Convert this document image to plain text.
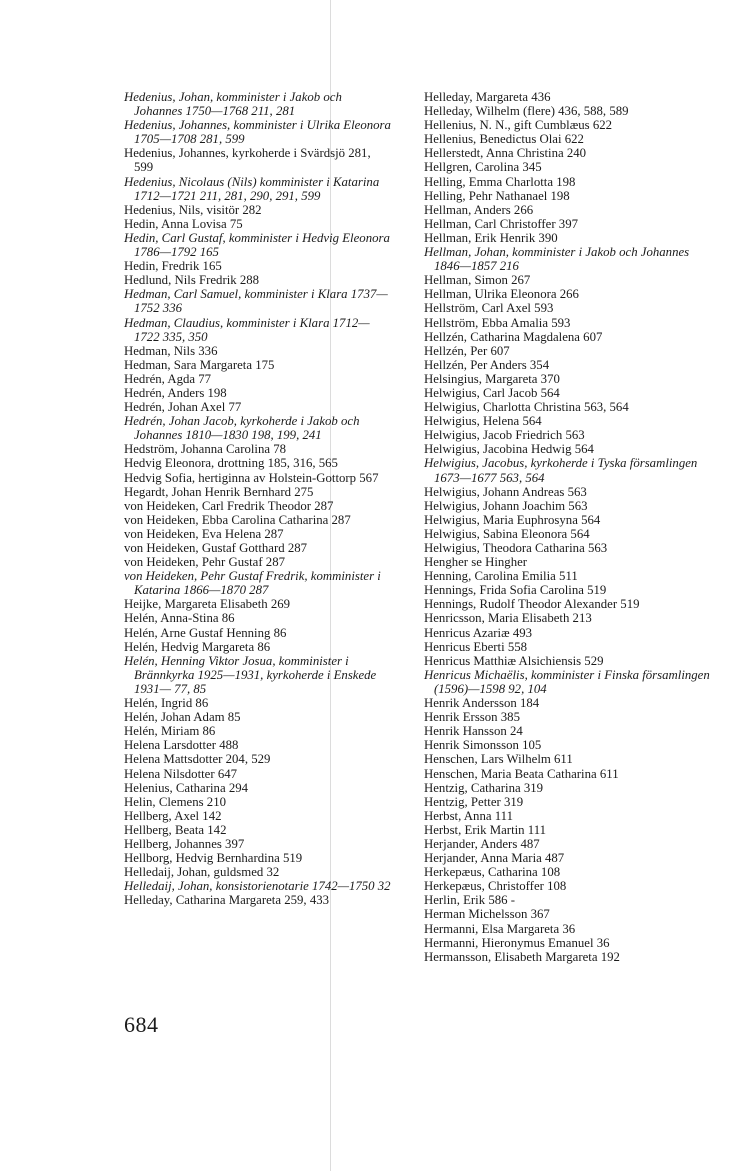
Hedenius, Johan, komminister i Jakob och Johannes 1750—1768 211, 281

Hedenius, Johannes, komminister i Ulrika Eleonora 1705—1708 281, 599

Hedenius, Johannes, kyrkoherde i Svärdsjö 281, 599

Hedenius, Nicolaus (Nils) komminister i Katarina 1712—1721 211, 281, 290, 291, 599

Hedenius, Nils, visitör 282

Hedin, Anna Lovisa 75

Hedin, Carl Gustaf, komminister i Hedvig Eleonora 1786—1792 165

Hedin, Fredrik 165

Hedlund, Nils Fredrik 288

Hedman, Carl Samuel, komminister i Klara 1737—1752 336

Hedman, Claudius, komminister i Klara 1712—1722 335, 350

Hedman, Nils 336

Hedman, Sara Margareta 175

Hedrén, Agda 77

Hedrén, Anders 198

Hedrén, Johan Axel 77

Hedrén, Johan Jacob, kyrkoherde i Jakob och Johannes 1810—1830 198, 199, 241

Hedström, Johanna Carolina 78

Hedvig Eleonora, drottning 185, 316, 565

Hedvig Sofia, hertiginna av Holstein-Gottorp 567

Hegardt, Johan Henrik Bernhard 275

von Heideken, Carl Fredrik Theodor 287

von Heideken, Ebba Carolina Catharina 287

von Heideken, Eva Helena 287

von Heideken, Gustaf Gotthard 287

von Heideken, Pehr Gustaf 287

von Heideken, Pehr Gustaf Fredrik, komminister i Katarina 1866—1870 287

Heijke, Margareta Elisabeth 269

Helén, Anna-Stina 86

Helén, Arne Gustaf Henning 86

Helén, Hedvig Margareta 86

Helén, Henning Viktor Josua, komminister i Brännkyrka 1925—1931, kyrkoherde i Enskede 1931— 77, 85

Helén, Ingrid 86

Helén, Johan Adam 85

Helén, Miriam 86

Helena Larsdotter 488

Helena Mattsdotter 204, 529

Helena Nilsdotter 647

Helenius, Catharina 294

Helin, Clemens 210

Hellberg, Axel 142

Hellberg, Beata 142

Hellberg, Johannes 397

Hellborg, Hedvig Bernhardina 519

Helledaij, Johan, guldsmed 32

Helledaij, Johan, konsistorienotarie 1742—1750 32

Helleday, Catharina Margareta 259, 433

Helleday, Margareta 436

Helleday, Wilhelm (flere) 436, 588, 589

Hellenius, N. N., gift Cumblæus 622

Hellenius, Benedictus Olai 622

Hellerstedt, Anna Christina 240

Hellgren, Carolina 345

Helling, Emma Charlotta 198

Helling, Pehr Nathanael 198

Hellman, Anders 266

Hellman, Carl Christoffer 397

Hellman, Erik Henrik 390

Hellman, Johan, komminister i Jakob och Johannes 1846—1857 216

Hellman, Simon 267

Hellman, Ulrika Eleonora 266

Hellström, Carl Axel 593

Hellström, Ebba Amalia 593

Hellzén, Catharina Magdalena 607

Hellzén, Per 607

Hellzén, Per Anders 354

Helsingius, Margareta 370

Helwigius, Carl Jacob 564

Helwigius, Charlotta Christina 563, 564

Helwigius, Helena 564

Helwigius, Jacob Friedrich 563

Helwigius, Jacobina Hedwig 564

Helwigius, Jacobus, kyrkoherde i Tyska församlingen 1673—1677 563, 564

Helwigius, Johann Andreas 563

Helwigius, Johann Joachim 563

Helwigius, Maria Euphrosyna 564

Helwigius, Sabina Eleonora 564

Helwigius, Theodora Catharina 563

Hengher se Hingher

Henning, Carolina Emilia 511

Hennings, Frida Sofia Carolina 519

Hennings, Rudolf Theodor Alexander 519

Henricsson, Maria Elisabeth 213

Henricus Azariæ 493

Henricus Eberti 558

Henricus Matthiæ Alsichiensis 529

Henricus Michaëlis, komminister i Finska församlingen (1596)—1598 92, 104

Henrik Andersson 184

Henrik Ersson 385

Henrik Hansson 24

Henrik Simonsson 105

Henschen, Lars Wilhelm 611

Henschen, Maria Beata Catharina 611

Hentzig, Catharina 319

Hentzig, Petter 319

Herbst, Anna 111

Herbst, Erik Martin 111

Herjander, Anders 487

Herjander, Anna Maria 487

Herkepæus, Catharina 108

Herkepæus, Christoffer 108

Herlin, Erik 586 -

Herman Michelsson 367

Hermanni, Elsa Margareta 36

Hermanni, Hieronymus Emanuel 36

Hermansson, Elisabeth Margareta 192

684
